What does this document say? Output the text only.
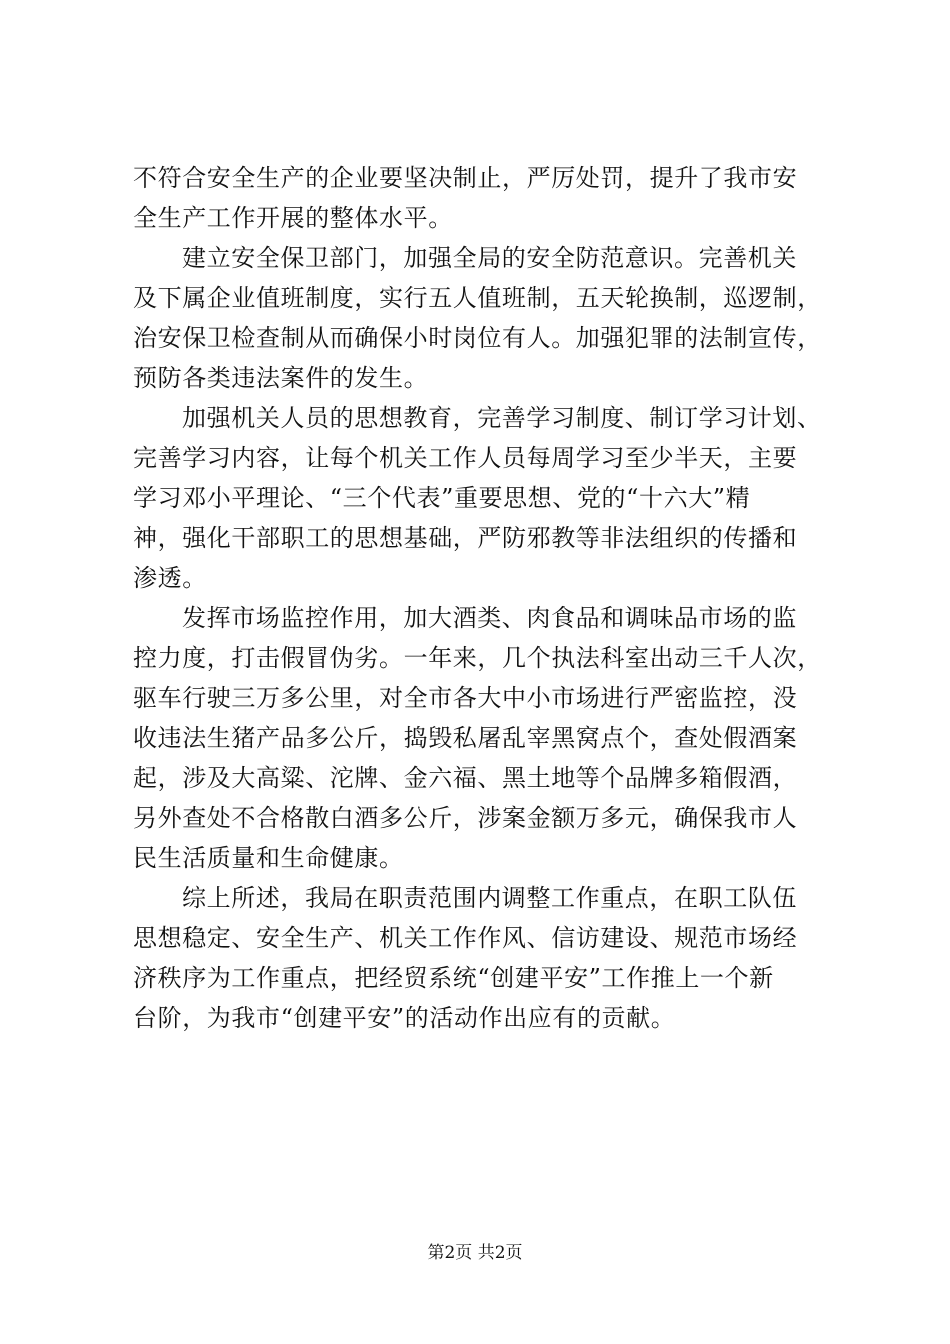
不符合安全生产的企业要坚决制止，严厉处罚，提升了我市安
全生产工作开展的整体水平。
建立安全保卫部门，加强全局的安全防范意识。完善机关
及下属企业值班制度，实行五人值班制，五天轮换制，巡逻制，
治安保卫检查制从而确保小时岗位有人。加强犯罪的法制宣传，
预防各类违法案件的发生。
加强机关人员的思想教育，完善学习制度、制订学习计划、
完善学习内容，让每个机关工作人员每周学习至少半天，主要
学习邓小平理论、“三个代表”重要思想、党的“十六大”精
神，强化干部职工的思想基础，严防邪教等非法组织的传播和
渗透。
发挥市场监控作用，加大酒类、肉食品和调味品市场的监
控力度，打击假冒伪劣。一年来，几个执法科室出动三千人次，
驱车行驶三万多公里，对全市各大中小市场进行严密监控，没
收违法生猪产品多公斤，捣毁私屠乱宰黑窝点个，查处假酒案
起，涉及大高粱、沱牌、金六福、黑土地等个品牌多箱假酒，
另外查处不合格散白酒多公斤，涉案金额万多元，确保我市人
民生活质量和生命健康。
综上所述，我局在职责范围内调整工作重点，在职工队伍
思想稳定、安全生产、机关工作作风、信访建设、规范市场经
济秩序为工作重点，把经贸系统“创建平安”工作推上一个新
台阶，为我市“创建平安”的活动作出应有的贡献。
第2页 共2页
